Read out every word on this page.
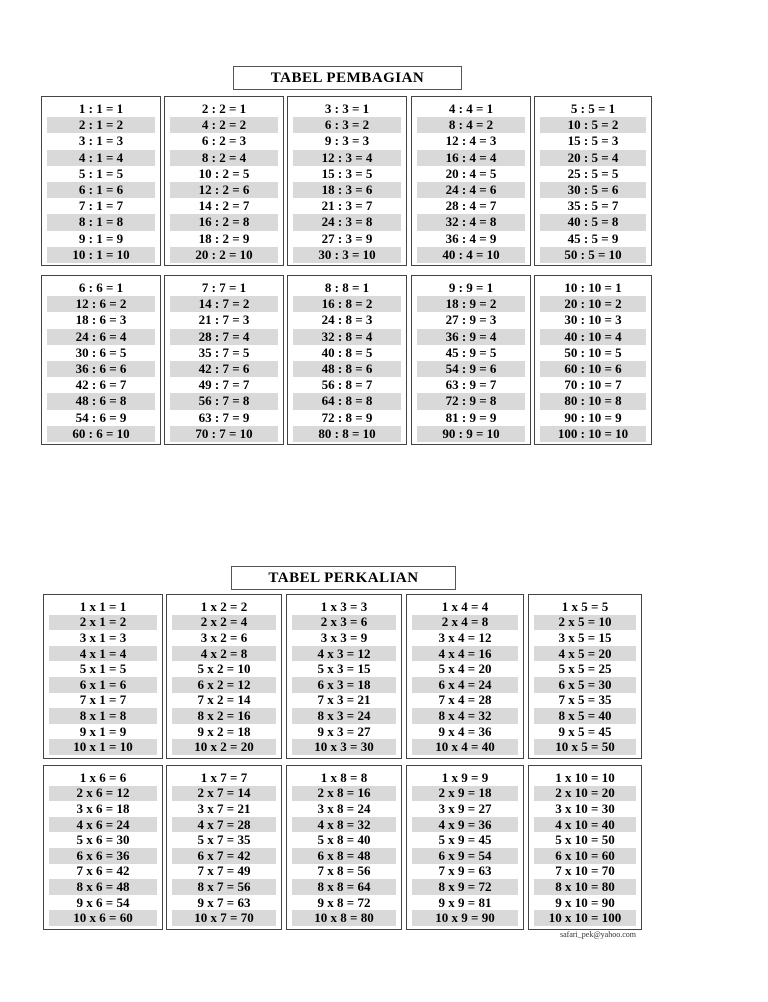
TABEL PEMBAGIAN
1 : 1 = 1
2 : 1 = 2
3 : 1 = 3
4 : 1 = 4
5 : 1 = 5
6 : 1 = 6
7 : 1 = 7
8 : 1 = 8
9 : 1 = 9
10 : 1 = 10
2 : 2 = 1
4 : 2 = 2
6 : 2 = 3
8 : 2 = 4
10 : 2 = 5
12 : 2 = 6
14 : 2 = 7
16 : 2 = 8
18 : 2 = 9
20 : 2 = 10
3 : 3 = 1
6 : 3 = 2
9 : 3 = 3
12 : 3 = 4
15 : 3 = 5
18 : 3 = 6
21 : 3 = 7
24 : 3 = 8
27 : 3 = 9
30 : 3 = 10
4 : 4 = 1
8 : 4 = 2
12 : 4 = 3
16 : 4 = 4
20 : 4 = 5
24 : 4 = 6
28 : 4 = 7
32 : 4 = 8
36 : 4 = 9
40 : 4 = 10
5 : 5 = 1
10 : 5 = 2
15 : 5 = 3
20 : 5 = 4
25 : 5 = 5
30 : 5 = 6
35 : 5 = 7
40 : 5 = 8
45 : 5 = 9
50 : 5 = 10
6 : 6 = 1
12 : 6 = 2
18 : 6 = 3
24 : 6 = 4
30 : 6 = 5
36 : 6 = 6
42 : 6 = 7
48 : 6 = 8
54 : 6 = 9
60 : 6 = 10
7 : 7 = 1
14 : 7 = 2
21 : 7 = 3
28 : 7 = 4
35 : 7 = 5
42 : 7 = 6
49 : 7 = 7
56 : 7 = 8
63 : 7 = 9
70 : 7 = 10
8 : 8 = 1
16 : 8 = 2
24 : 8 = 3
32 : 8 = 4
40 : 8 = 5
48 : 8 = 6
56 : 8 = 7
64 : 8 = 8
72 : 8 = 9
80 : 8 = 10
9 : 9 = 1
18 : 9 = 2
27 : 9 = 3
36 : 9 = 4
45 : 9 = 5
54 : 9 = 6
63 : 9 = 7
72 : 9 = 8
81 : 9 = 9
90 : 9 = 10
10 : 10 = 1
20 : 10 = 2
30 : 10 = 3
40 : 10 = 4
50 : 10 = 5
60 : 10 = 6
70 : 10 = 7
80 : 10 = 8
90 : 10 = 9
100 : 10 = 10
TABEL PERKALIAN
1 x 1 = 1
2 x 1 = 2
3 x 1 = 3
4 x 1 = 4
5 x 1 = 5
6 x 1 = 6
7 x 1 = 7
8 x 1 = 8
9 x 1 = 9
10 x 1 = 10
1 x 2 = 2
2 x 2 = 4
3 x 2 = 6
4 x 2 = 8
5 x 2 = 10
6 x 2 = 12
7 x 2 = 14
8 x 2 = 16
9 x 2 = 18
10 x 2 = 20
1 x 3 = 3
2 x 3 = 6
3 x 3 = 9
4 x 3 = 12
5 x 3 = 15
6 x 3 = 18
7 x 3 = 21
8 x 3 = 24
9 x 3 = 27
10 x 3 = 30
1 x 4 = 4
2 x 4 = 8
3 x 4 = 12
4 x 4 = 16
5 x 4 = 20
6 x 4 = 24
7 x 4 = 28
8 x 4 = 32
9 x 4 = 36
10 x 4 = 40
1 x 5 = 5
2 x 5 = 10
3 x 5 = 15
4 x 5 = 20
5 x 5 = 25
6 x 5 = 30
7 x 5 = 35
8 x 5 = 40
9 x 5 = 45
10 x 5 = 50
1 x 6 = 6
2 x 6 = 12
3 x 6 = 18
4 x 6 = 24
5 x 6 = 30
6 x 6 = 36
7 x 6 = 42
8 x 6 = 48
9 x 6 = 54
10 x 6 = 60
1 x 7 = 7
2 x 7 = 14
3 x 7 = 21
4 x 7 = 28
5 x 7 = 35
6 x 7 = 42
7 x 7 = 49
8 x 7 = 56
9 x 7 = 63
10 x 7 = 70
1 x 8 = 8
2 x 8 = 16
3 x 8 = 24
4 x 8 = 32
5 x 8 = 40
6 x 8 = 48
7 x 8 = 56
8 x 8 = 64
9 x 8 = 72
10 x 8 = 80
1 x 9 = 9
2 x 9 = 18
3 x 9 = 27
4 x 9 = 36
5 x 9 = 45
6 x 9 = 54
7 x 9 = 63
8 x 9 = 72
9 x 9 = 81
10 x 9 = 90
1 x 10 = 10
2 x 10 = 20
3 x 10 = 30
4 x 10 = 40
5 x 10 = 50
6 x 10 = 60
7 x 10 = 70
8 x 10 = 80
9 x 10 = 90
10 x 10 = 100
safari_pek@yahoo.com
